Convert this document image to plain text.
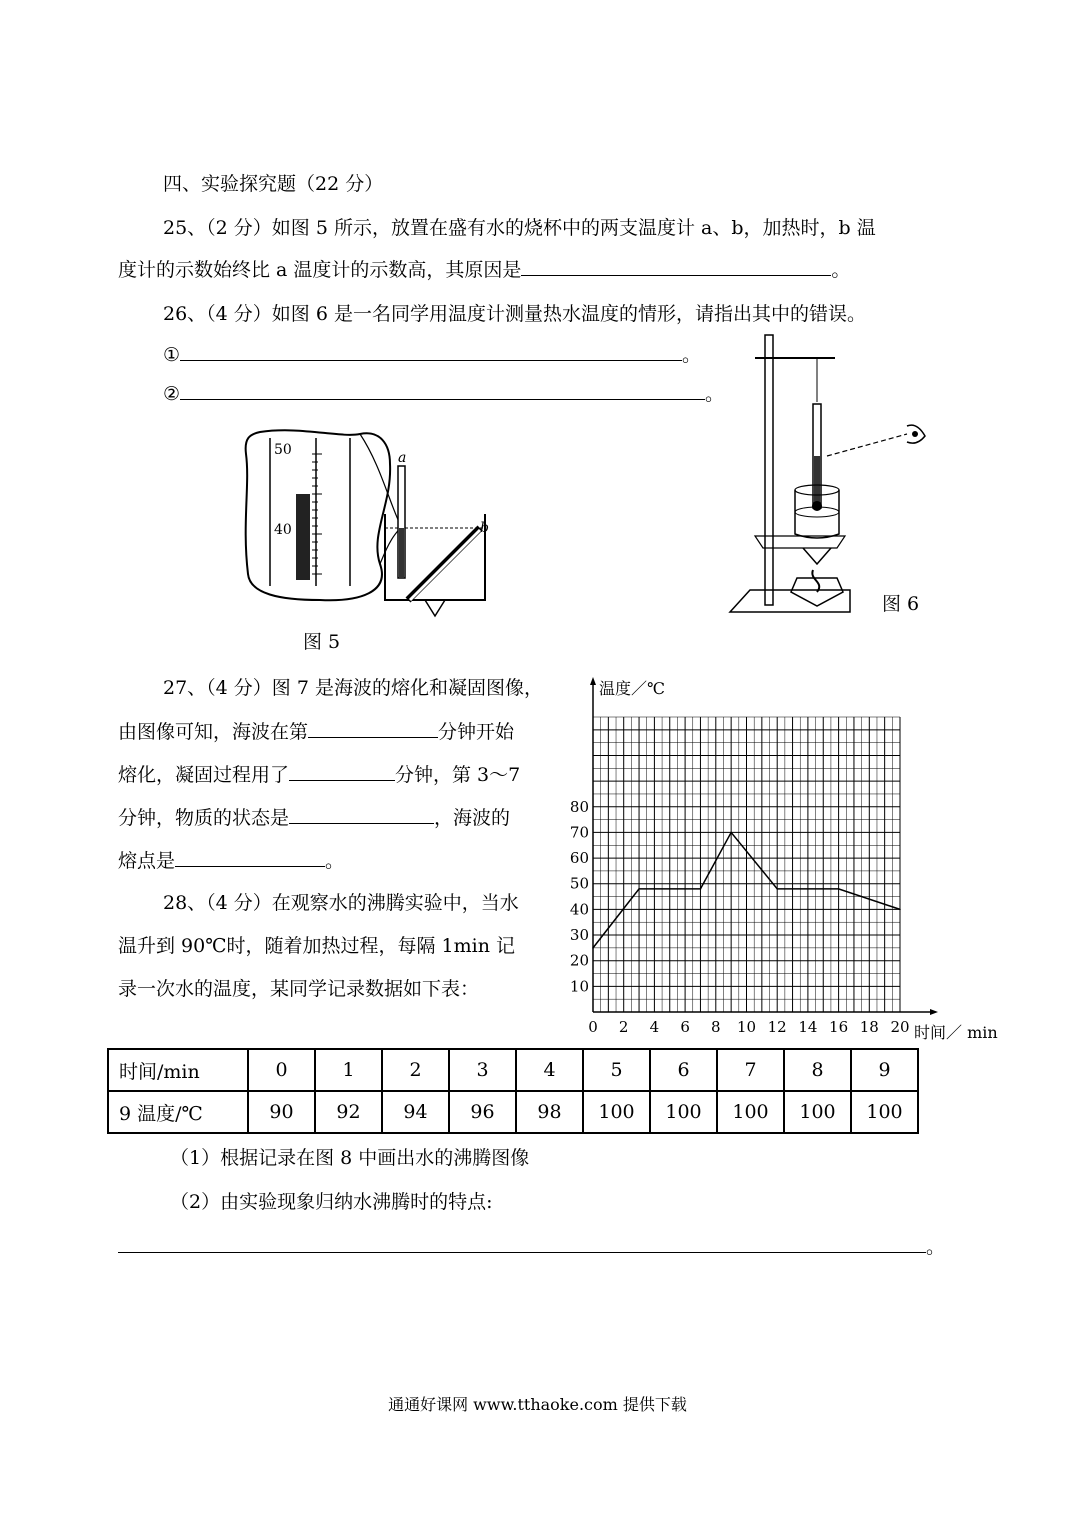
四、实验探究题（22 分）
25、（2 分）如图 5 所示，放置在盛有水的烧杯中的两支温度计 a、b，加热时，b 温
度计的示数始终比 a 温度计的示数高，其原因是	。
26、（4 分）如图 6 是一名同学用温度计测量热水温度的情形，请指出其中的错误。
①	。
②	。
50
40
a
b
图 5
图 6
27、（4 分）图 7 是海波的熔化和凝固图像，
由图像可知，海波在第	分钟开始
熔化，凝固过程用了	分钟，第 3～7
分钟，物质的状态是	，海波的
熔点是	。
28、（4 分）在观察水的沸腾实验中，当水
温升到 90℃时，随着加热过程，每隔 1min 记
录一次水的温度，某同学记录数据如下表：
0 2 4 6 8 10 12 14 16 18 20
10
20
30
40
50
60
70
80
温度／℃
时间／ min
时间/min	0	1	2	3	4	5	6	7	8	9
9 温度/℃	90	92	94	96	98	100	100	100	100	100
（1）根据记录在图 8 中画出水的沸腾图像
（2）由实验现象归纳水沸腾时的特点:
。
通通好课网 www.tthaoke.com 提供下载
